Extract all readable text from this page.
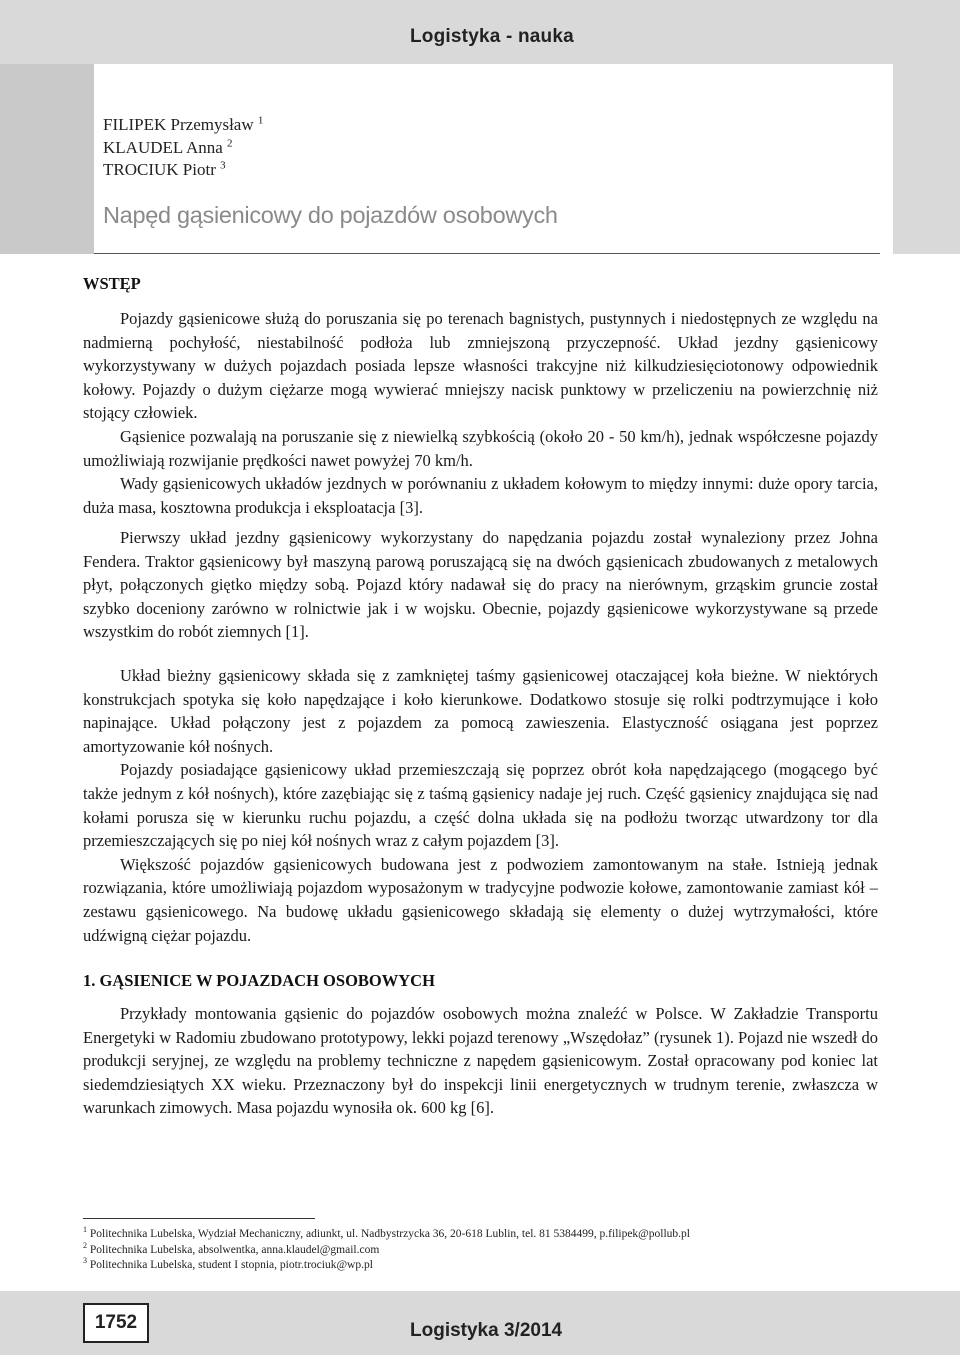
Logistyka - nauka
FILIPEK Przemysław $^1$
KLAUDEL Anna $^2$
TROCIUK Piotr $^3$
Napęd gąsienicowy do pojazdów osobowych
WSTĘP

Pojazdy gąsienicowe służą do poruszania się po terenach bagnistych, pustynnych i niedostępnych ze względu na nadmierną pochyłość, niestabilność podłoża lub zmniejszoną przyczepność. Układ jezdny gąsienicowy wykorzystywany w dużych pojazdach posiada lepsze własności trakcyjne niż kilkudziesięciotonowy odpowiednik kołowy. Pojazdy o dużym ciężarze mogą wywierać mniejszy nacisk punktowy w przeliczeniu na powierzchnię niż stojący człowiek.

Gąsienice pozwalają na poruszanie się z niewielką szybkością (około 20 - 50 km/h), jednak współczesne pojazdy umożliwiają rozwijanie prędkości nawet powyżej 70 km/h.

Wady gąsienicowych układów jezdnych w porównaniu z układem kołowym to między innymi: duże opory tarcia, duża masa, kosztowna produkcja i eksploatacja [3].

Pierwszy układ jezdny gąsienicowy wykorzystany do napędzania pojazdu został wynaleziony przez Johna Fendera. Traktor gąsienicowy był maszyną parową poruszającą się na dwóch gąsienicach zbudowanych z metalowych płyt, połączonych giętko między sobą. Pojazd który nadawał się do pracy na nierównym, grząskim gruncie został szybko doceniony zarówno w rolnictwie jak i w wojsku. Obecnie, pojazdy gąsienicowe wykorzystywane są przede wszystkim do robót ziemnych [1].

Układ bieżny gąsienicowy składa się z zamkniętej taśmy gąsienicowej otaczającej koła bieżne. W niektórych konstrukcjach spotyka się koło napędzające i koło kierunkowe. Dodatkowo stosuje się rolki podtrzymujące i koło napinające. Układ połączony jest z pojazdem za pomocą zawieszenia. Elastyczność osiągana jest poprzez amortyzowanie kół nośnych.

Pojazdy posiadające gąsienicowy układ przemieszczają się poprzez obrót koła napędzającego (mogącego być także jednym z kół nośnych), które zazębiając się z taśmą gąsienicy nadaje jej ruch. Część gąsienicy znajdująca się nad kołami porusza się w kierunku ruchu pojazdu, a część dolna układa się na podłożu tworząc utwardzony tor dla przemieszczających się po niej kół nośnych wraz z całym pojazdem [3].

Większość pojazdów gąsienicowych budowana jest z podwoziem zamontowanym na stałe. Istnieją jednak rozwiązania, które umożliwiają pojazdom wyposażonym w tradycyjne podwozie kołowe, zamontowanie zamiast kół – zestawu gąsienicowego. Na budowę układu gąsienicowego składają się elementy o dużej wytrzymałości, które udźwigną ciężar pojazdu.

1. GĄSIENICE W POJAZDACH OSOBOWYCH

Przykłady montowania gąsienic do pojazdów osobowych można znaleźć w Polsce. W Zakładzie Transportu Energetyki w Radomiu zbudowano prototypowy, lekki pojazd terenowy „Wszędołaz” (rysunek 1). Pojazd nie wszedł do produkcji seryjnej, ze względu na problemy techniczne z napędem gąsienicowym. Został opracowany pod koniec lat siedemdziesiątych XX wieku. Przeznaczony był do inspekcji linii energetycznych w trudnym terenie, zwłaszcza w warunkach zimowych. Masa pojazdu wynosiła ok. 600 kg [6].

$^1$ Politechnika Lubelska, Wydział Mechaniczny, adiunkt, ul. Nadbystrzycka 36, 20-618 Lublin, tel. 81 5384499, p.filipek@pollub.pl
$^2$ Politechnika Lubelska, absolwentka, anna.klaudel@gmail.com
$^3$ Politechnika Lubelska, student I stopnia, piotr.trociuk@wp.pl
1752	Logistyka 3/2014
